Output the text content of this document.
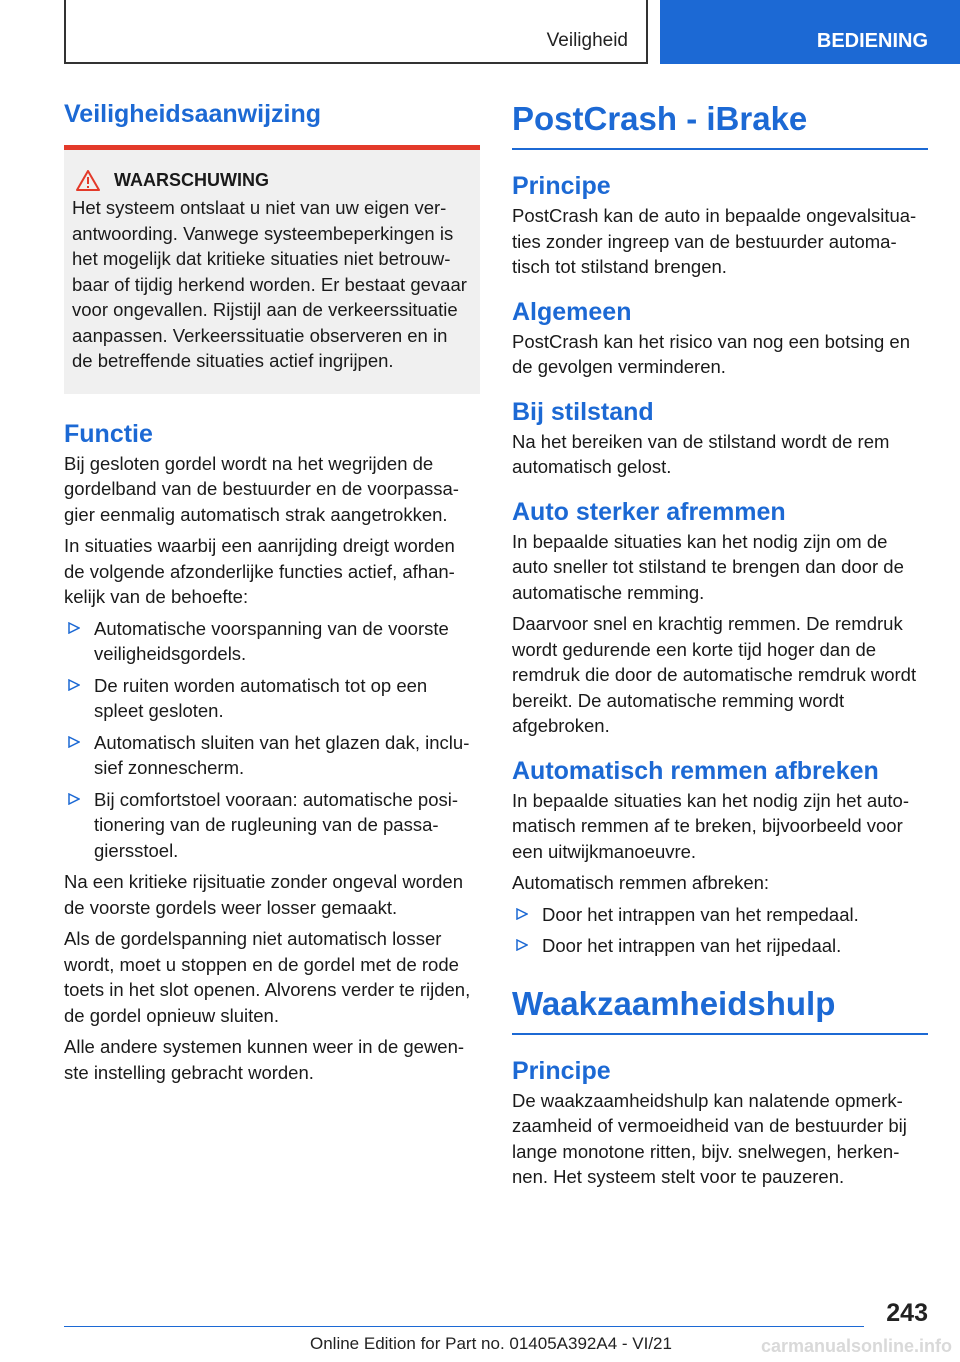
Veiligheid	BEDIENING
Veiligheidsaanwijzing
WAARSCHUWING

Het systeem ontslaat u niet van uw eigen verantwoording. Vanwege systeembeperkingen is het mogelijk dat kritieke situaties niet betrouwbaar of tijdig herkend worden. Er bestaat gevaar voor ongevallen. Rijstijl aan de verkeerssituatie aanpassen. Verkeerssituatie observeren en in de betreffende situaties actief ingrijpen.

Functie

Bij gesloten gordel wordt na het wegrijden de gordelband van de bestuurder en de voorpassagier eenmalig automatisch strak aangetrokken.

In situaties waarbij een aanrijding dreigt worden de volgende afzonderlijke functies actief, afhankelijk van de behoefte:

Automatische voorspanning van de voorste veiligheidsgordels.
De ruiten worden automatisch tot op een spleet gesloten.
Automatisch sluiten van het glazen dak, inclusief zonnescherm.
Bij comfortstoel vooraan: automatische positionering van de rugleuning van de passagiersstoel.

Na een kritieke rijsituatie zonder ongeval worden de voorste gordels weer losser gemaakt.

Als de gordelspanning niet automatisch losser wordt, moet u stoppen en de gordel met de rode toets in het slot openen. Alvorens verder te rijden, de gordel opnieuw sluiten.

Alle andere systemen kunnen weer in de gewenste instelling gebracht worden.

PostCrash - iBrake
Principe

PostCrash kan de auto in bepaalde ongevalsituaties zonder ingreep van de bestuurder automatisch tot stilstand brengen.

Algemeen

PostCrash kan het risico van nog een botsing en de gevolgen verminderen.

Bij stilstand

Na het bereiken van de stilstand wordt de rem automatisch gelost.

Auto sterker afremmen

In bepaalde situaties kan het nodig zijn om de auto sneller tot stilstand te brengen dan door de automatische remming.

Daarvoor snel en krachtig remmen. De remdruk wordt gedurende een korte tijd hoger dan de remdruk die door de automatische remdruk wordt bereikt. De automatische remming wordt afgebroken.

Automatisch remmen afbreken

In bepaalde situaties kan het nodig zijn het automatisch remmen af te breken, bijvoorbeeld voor een uitwijkmanoeuvre.

Automatisch remmen afbreken:

Door het intrappen van het rempedaal.
Door het intrappen van het rijpedaal.
Waakzaamheidshulp
Principe

De waakzaamheidshulp kan nalatende opmerkzaamheid of vermoeidheid van de bestuurder bij lange monotone ritten, bijv. snelwegen, herkennen. Het systeem stelt voor te pauzeren.

243
Online Edition for Part no. 01405A392A4 - VI/21	carmanualsonline.info
